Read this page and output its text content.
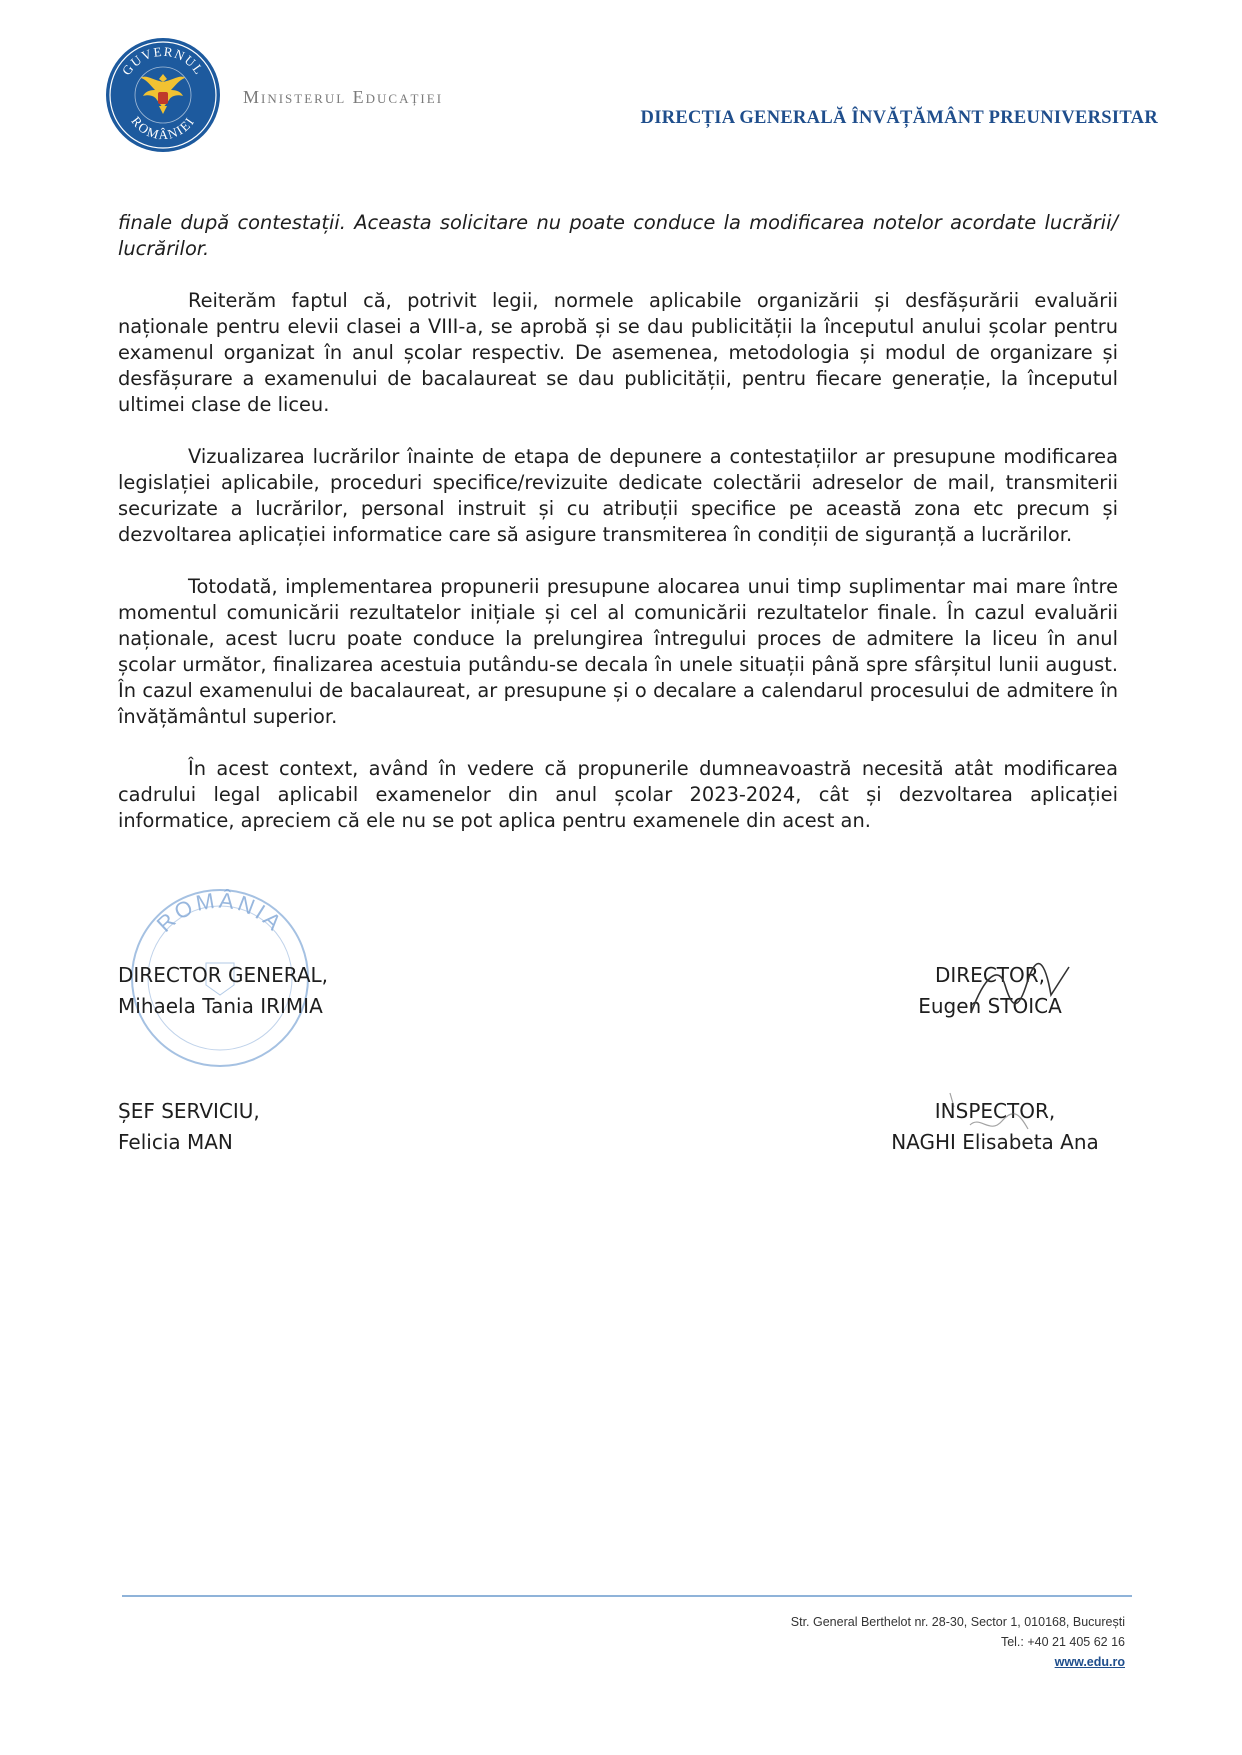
GUVERNUL
ROMÂNIEI
Ministerul Educației
DIRECȚIA GENERALĂ ÎNVĂȚĂMÂNT PREUNIVERSITAR

finale după contestații. Aceasta solicitare nu poate conduce la modificarea notelor acordate lucrării/ lucrărilor.

Reiterăm faptul că, potrivit legii, normele aplicabile organizării și desfășurării evaluării naționale pentru elevii clasei a VIII-a, se aprobă și se dau publicității la începutul anului școlar pentru examenul organizat în anul școlar respectiv. De asemenea, metodologia și modul de organizare și desfășurare a examenului de bacalaureat se dau publicității, pentru fiecare generație, la începutul ultimei clase de liceu.

Vizualizarea lucrărilor înainte de etapa de depunere a contestațiilor ar presupune modificarea legislației aplicabile, proceduri specifice/revizuite dedicate colectării adreselor de mail, transmiterii securizate a lucrărilor, personal instruit și cu atribuții specifice pe această zona etc precum și dezvoltarea aplicației informatice care să asigure transmiterea în condiții de siguranță a lucrărilor.

Totodată, implementarea propunerii presupune alocarea unui timp suplimentar mai mare între momentul comunicării rezultatelor inițiale și cel al comunicării rezultatelor finale. În cazul evaluării naționale, acest lucru poate conduce la prelungirea întregului proces de admitere la liceu în anul școlar următor, finalizarea acestuia putându-se decala în unele situații până spre sfârșitul lunii august. În cazul examenului de bacalaureat, ar presupune și o decalare a calendarul procesului de admitere în învățământul superior.

În acest context, având în vedere că propunerile dumneavoastră necesită atât modificarea cadrului legal aplicabil examenelor din anul școlar 2023-2024, cât și dezvoltarea aplicației informatice, apreciem că ele nu se pot aplica pentru examenele din acest an.

ROMÂNIA
DIRECTOR GENERAL,
Mihaela Tania IRIMIA
DIRECTOR,
Eugen STOICA
ȘEF SERVICIU,
Felicia MAN
INSPECTOR,
NAGHI Elisabeta Ana
Str. General Berthelot nr. 28-30, Sector 1, 010168, București
Tel.: +40 21 405 62 16
www.edu.ro
